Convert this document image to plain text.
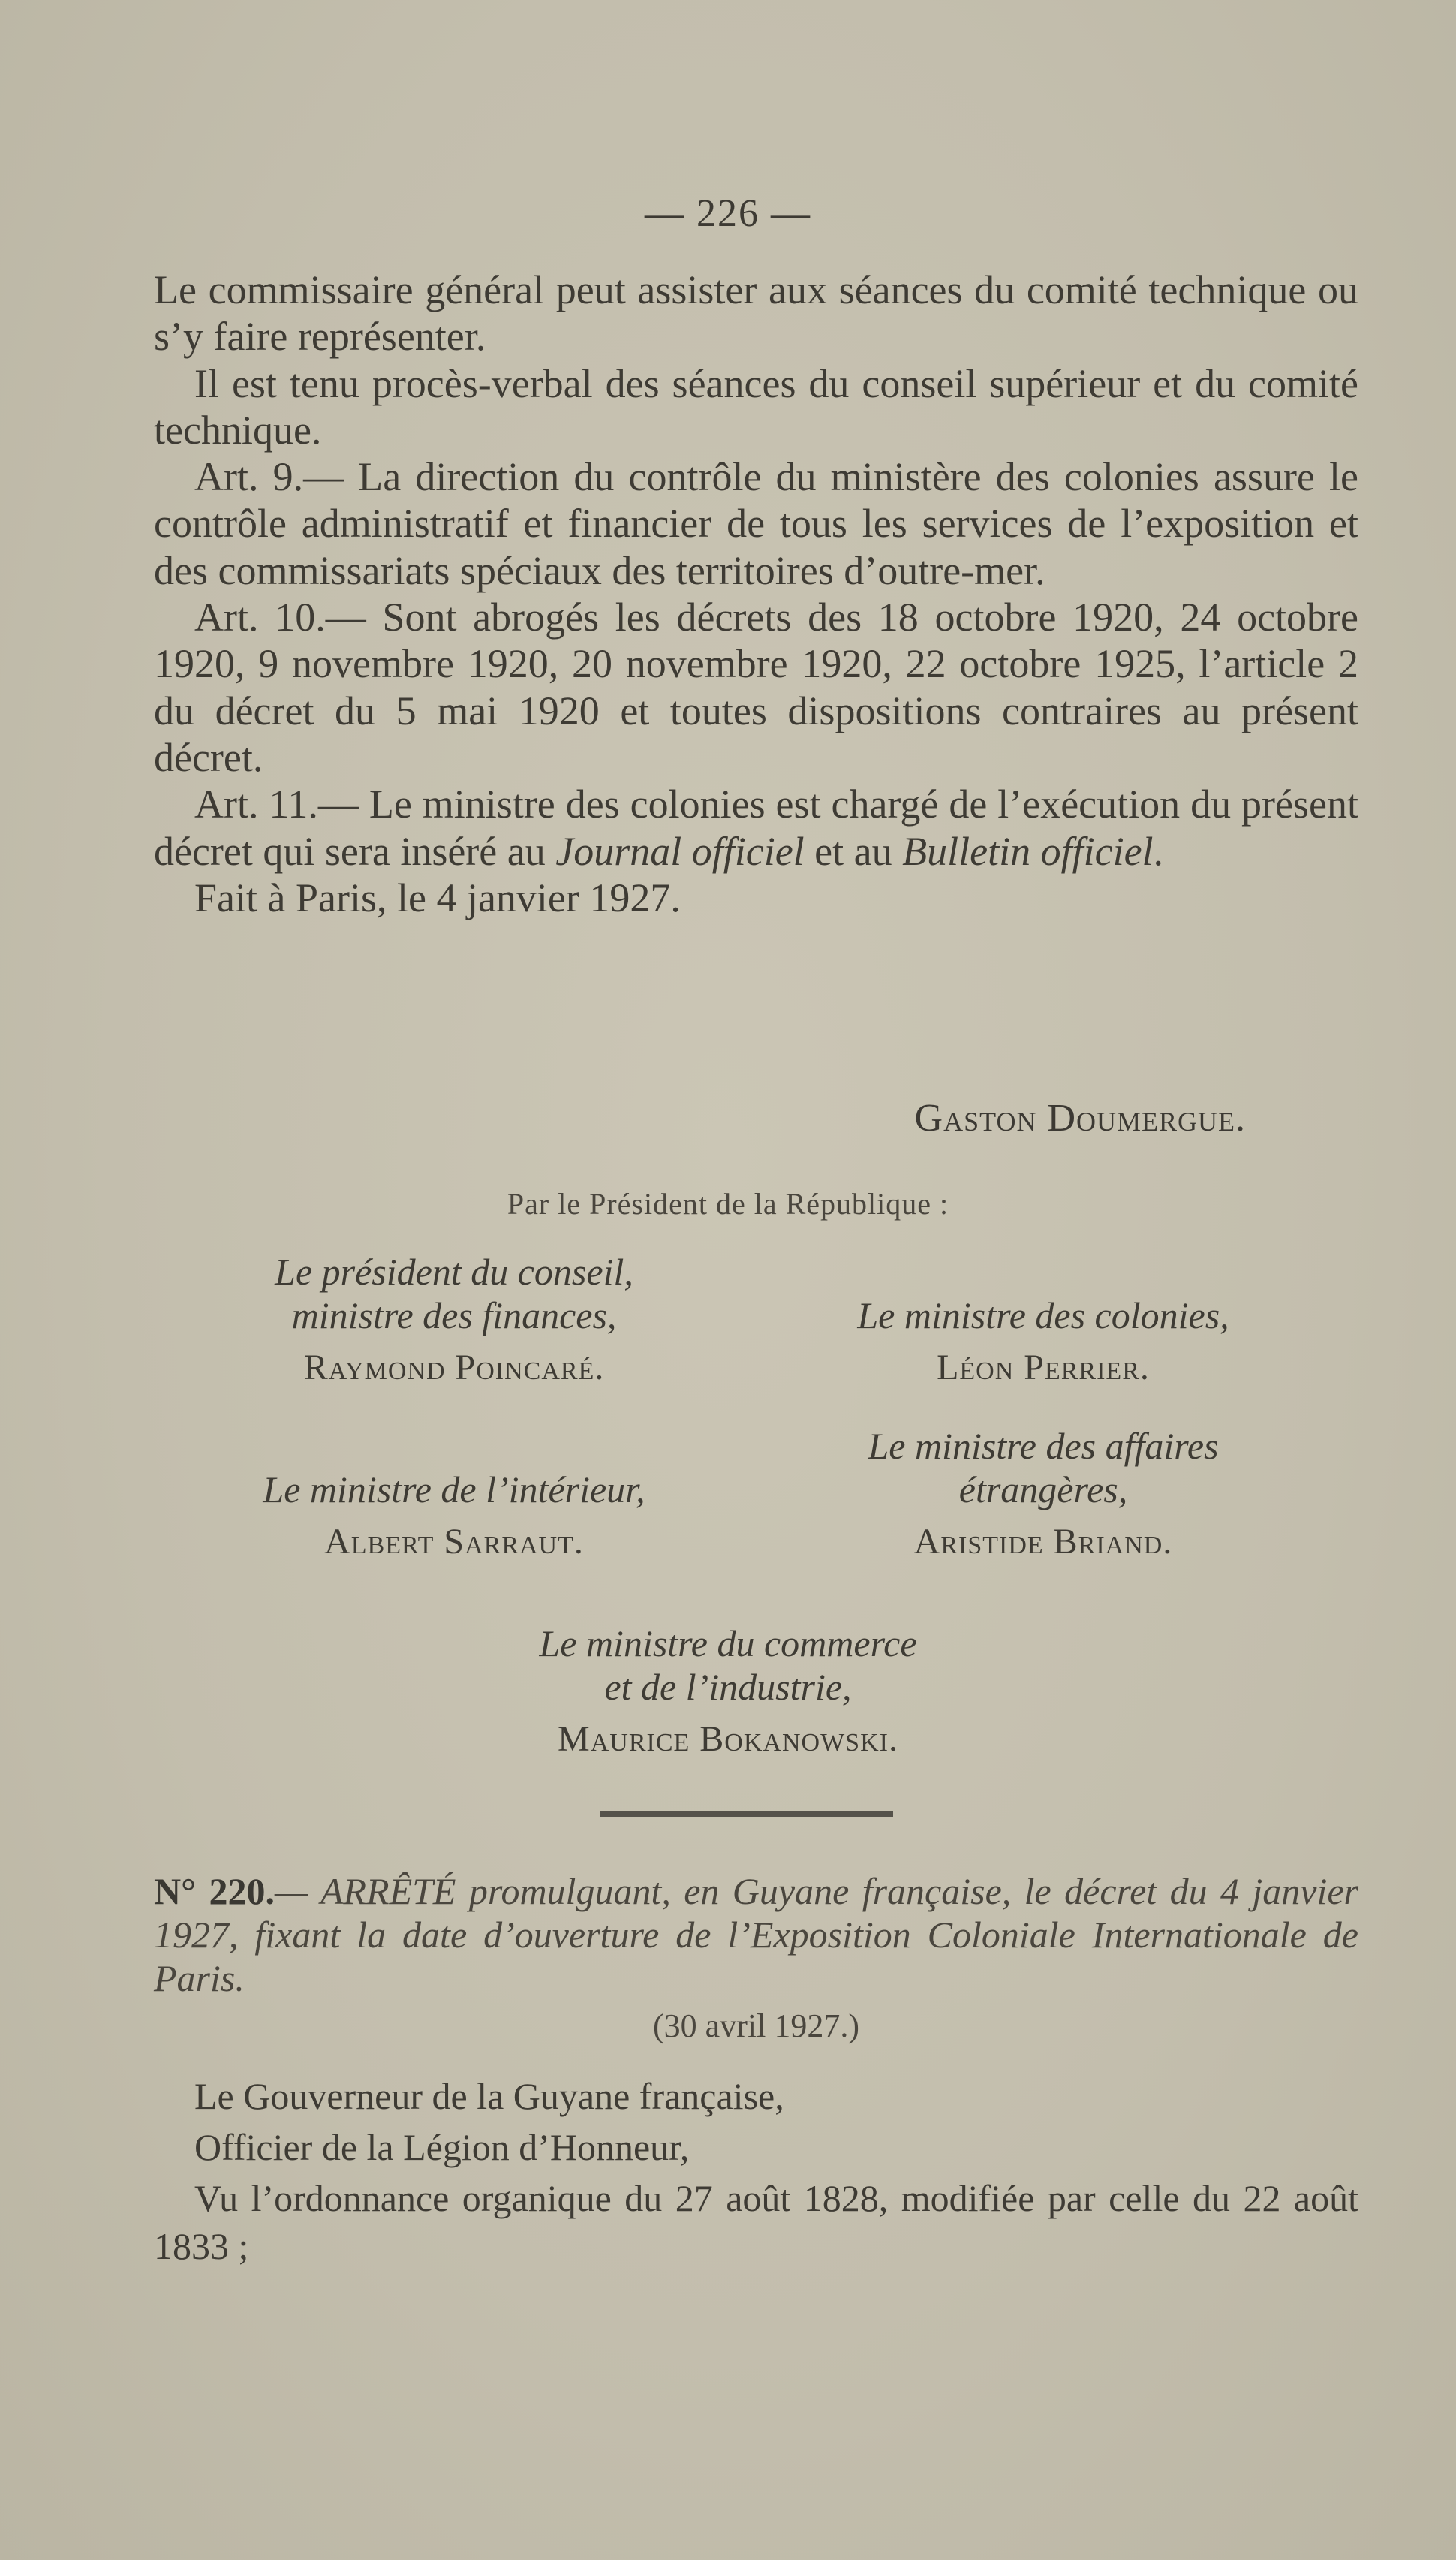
— 226 —

Le commissaire général peut assister aux séances du comité technique ou s’y faire représenter.

Il est tenu procès-verbal des séances du conseil supérieur et du comité technique.

Art. 9.— La direction du contrôle du ministère des colonies assure le contrôle administratif et financier de tous les services de l’exposition et des commissariats spéciaux des territoires d’outre-mer.

Art. 10.— Sont abrogés les décrets des 18 octobre 1920, 24 octobre 1920, 9 novembre 1920, 20 novembre 1920, 22 octobre 1925, l’article 2 du décret du 5 mai 1920 et toutes dispositions contraires au présent décret.

Art. 11.— Le ministre des colonies est chargé de l’exécution du présent décret qui sera inséré au Journal officiel et au Bulletin officiel.

Fait à Paris, le 4 janvier 1927.

Gaston Doumergue.
Par le Président de la République :
Le président du conseil,
ministre des finances,
Raymond Poincaré.
Le ministre des colonies,
Léon Perrier.
Le ministre de l’intérieur,
Albert Sarraut.
Le ministre des affaires
étrangères,
Aristide Briand.
Le ministre du commerce
et de l’industrie,
Maurice Bokanowski.
N° 220.— ARRÊTÉ promulguant, en Guyane française, le décret du 4 janvier 1927, fixant la date d’ouverture de l’Exposition Coloniale Internationale de Paris.
(30 avril 1927.)

Le Gouverneur de la Guyane française,

Officier de la Légion d’Honneur,

Vu l’ordonnance organique du 27 août 1828, modifiée par celle du 22 août 1833 ;
